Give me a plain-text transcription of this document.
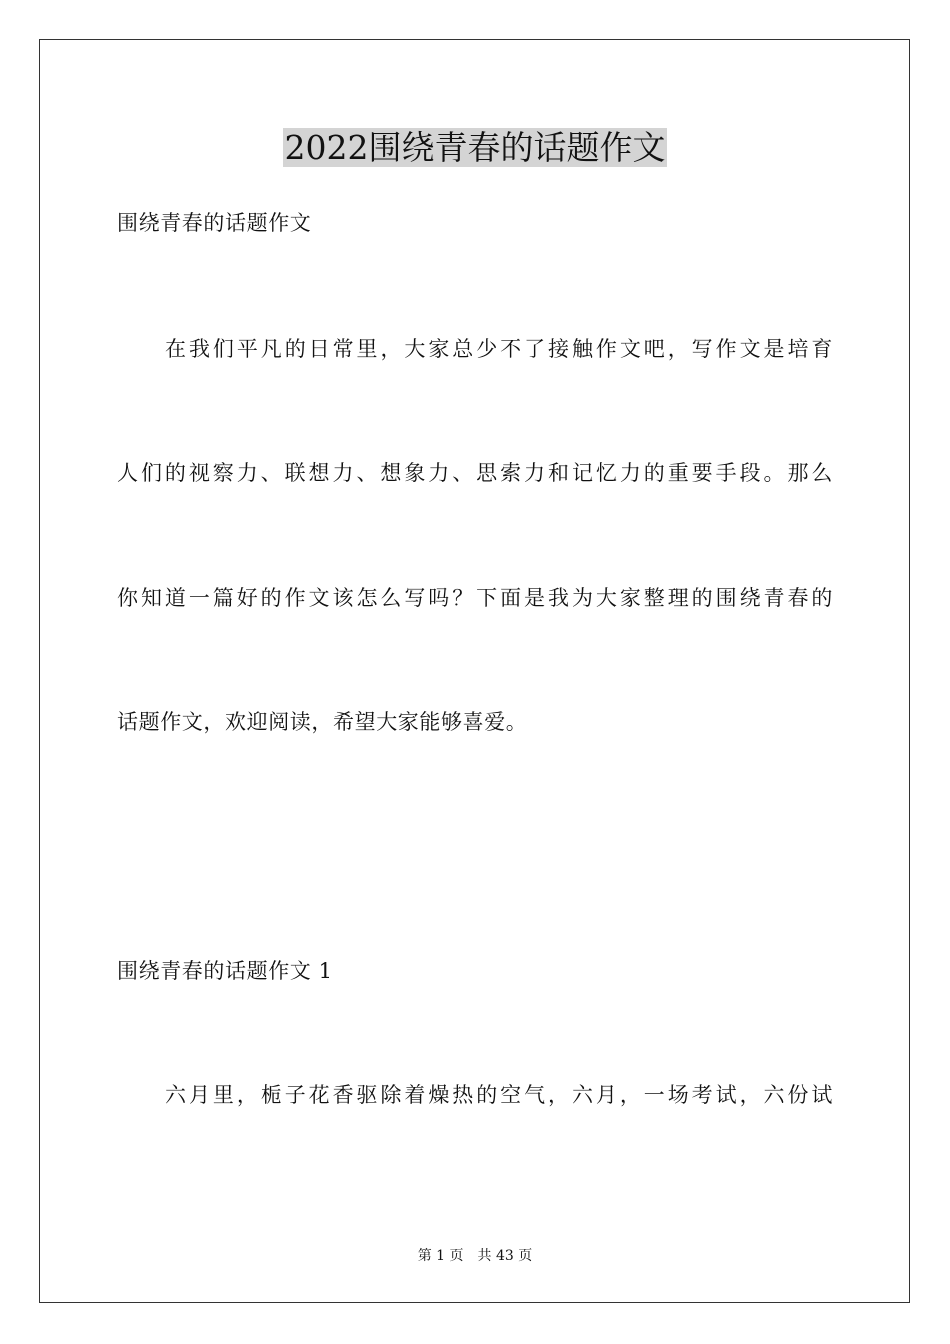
2022围绕青春的话题作文
围绕青春的话题作文
在我们平凡的日常里，大家总少不了接触作文吧，写作文是培育
人们的视察力、联想力、想象力、思索力和记忆力的重要手段。那么
你知道一篇好的作文该怎么写吗？下面是我为大家整理的围绕青春的
话题作文，欢迎阅读，希望大家能够喜爱。
围绕青春的话题作文 1
六月里，栀子花香驱除着燥热的空气，六月，一场考试，六份试
第 1 页　共 43 页
